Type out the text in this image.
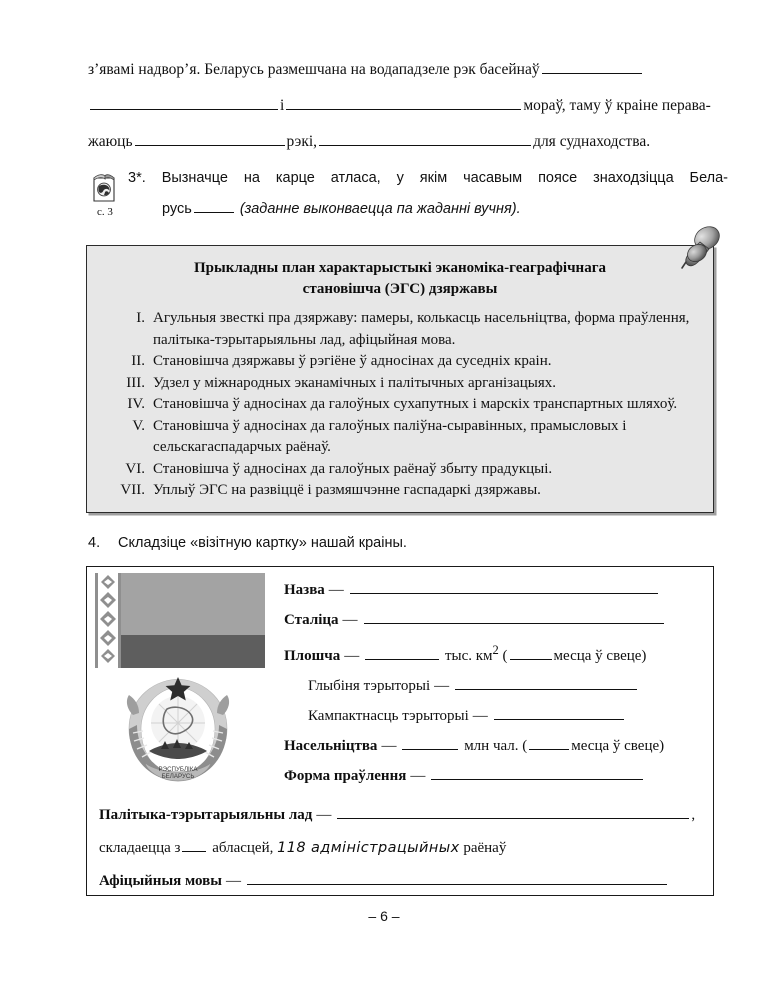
з’явамі надвор’я. Беларусь размешчана на водападзеле рэк басейнаў
і	мораў, таму ў краіне перава-
жаюць	рэкі,	для суднаходства.
с. 3
3*. Вызначце на карце атласа, у якім часавым поясе знаходзіцца Бела-
русь	(заданне выконваецца па жаданні вучня).
Прыкладны план характарыстыкі эканоміка-геаграфічнага
становішча (ЭГС) дзяржавы
I. Агульныя звесткі пра дзяржаву: памеры, колькасць насельніцтва, форма праўлення, палітыка-тэрытарыяльны лад, афіцыйная мова.
II. Становішча дзяржавы ў рэгіёне ў адносінах да суседніх краін.
III. Удзел у міжнародных эканамічных і палітычных арганізацыях.
IV. Становішча ў адносінах да галоўных сухапутных і марскіх транспартных шляхоў.
V. Становішча ў адносінах да галоўных паліўна-сыравінных, прамысловых і сельскагаспадарчых раёнаў.
VI. Становішча ў адносінах да галоўных раёнаў збыту прадукцыі.
VII. Уплыў ЭГС на развіццё і размяшчэнне гаспадаркі дзяржавы.
4. Складзіце «візітную картку» нашай краіны.
РЭСПУБЛІКА
БЕЛАРУСЬ
Назва —
Сталіца —
Плошча —	тыс. $км^2$ (	месца ў свеце)
Глыбіня тэрыторыі —
Кампактнасць тэрыторыі —
Насельніцтва —	млн чал. (	месца ў свеце)
Форма праўлення —
Палітыка-тэрытарыяльны лад —	,
складаецца з абласцей, 118 адміністрацыйных раёнаў
Афіцыйныя мовы —
– 6 –
